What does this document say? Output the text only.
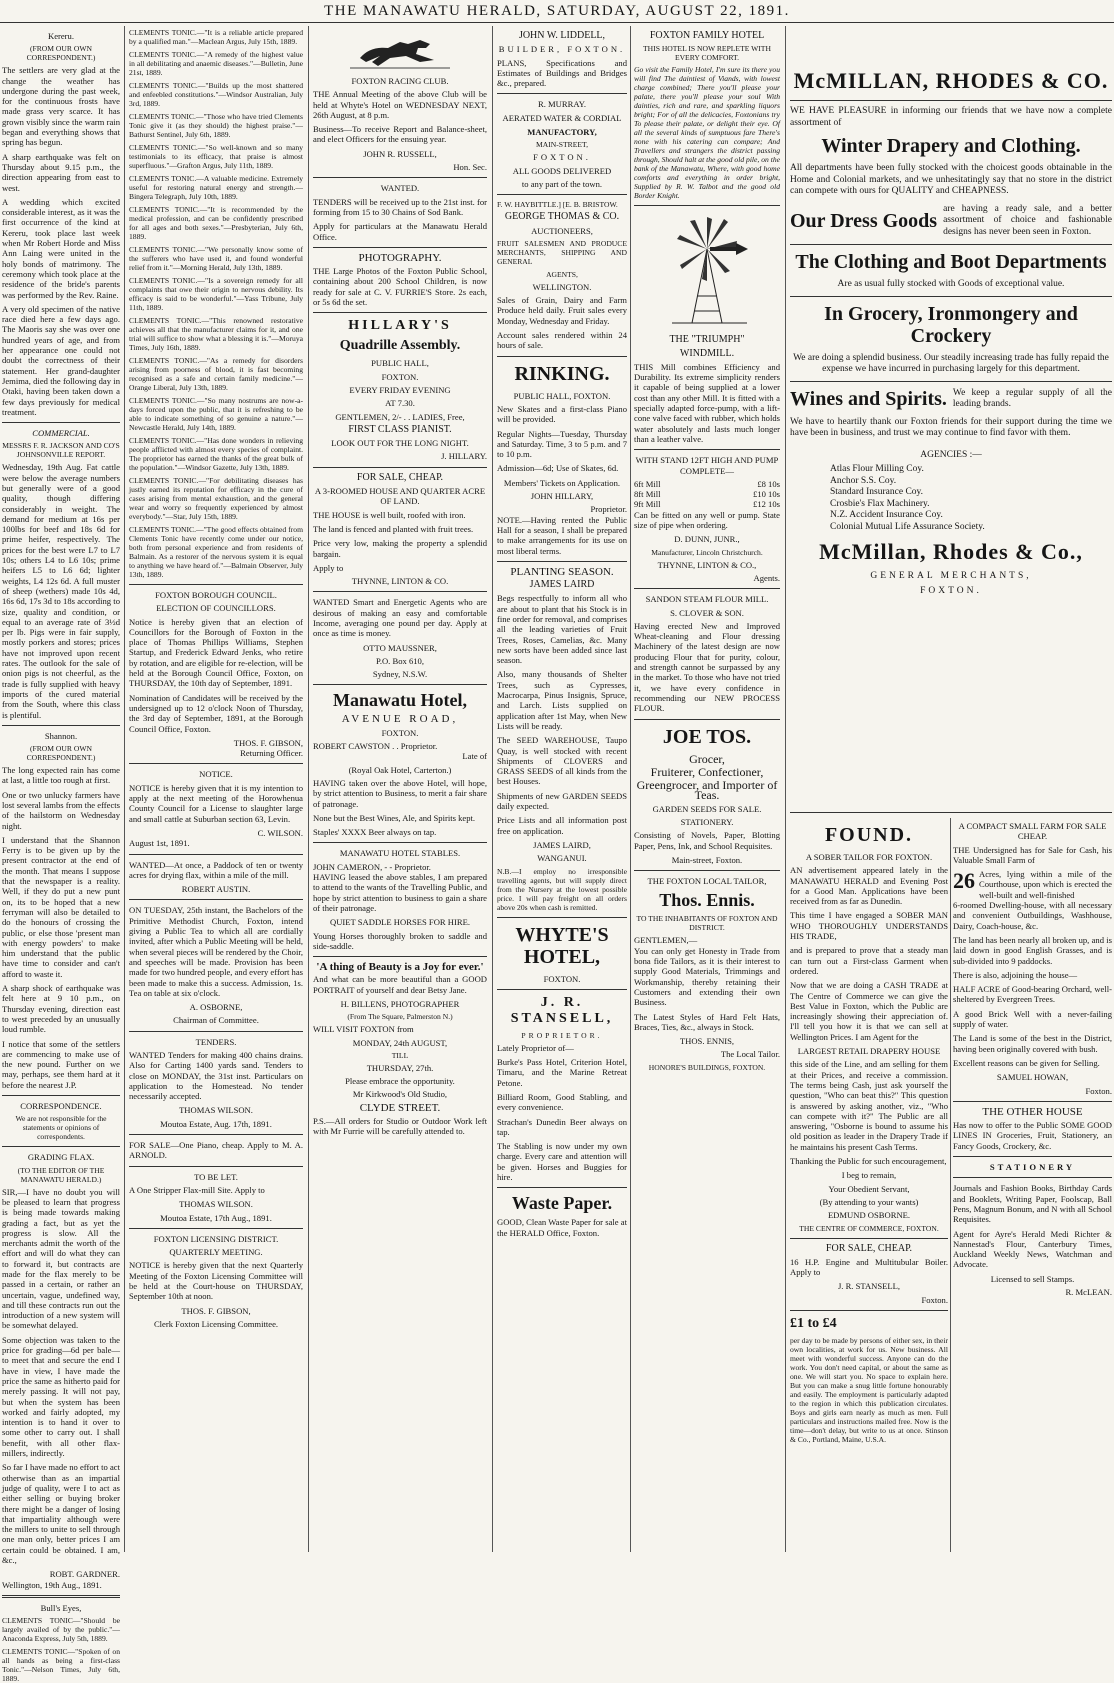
THE MANAWATU HERALD, SATURDAY, AUGUST 22, 1891.
Kereru.
(FROM OUR OWN CORRESPONDENT.)

The settlers are very glad at the change the weather has undergone during the past week, for the continuous frosts have made grass very scarce. It has grown visibly since the warm rain began and everything shows that spring has begun.

A sharp earthquake was felt on Thursday about 9.15 p.m., the direction appearing from east to west.

A wedding which excited considerable interest, as it was the first occurrence of the kind at Kereru, took place last week when Mr Robert Horde and Miss Ann Laing were united in the holy bonds of matrimony. The ceremony which took place at the residence of the bride's parents was performed by the Rev. Raine.

A very old specimen of the native race died here a few days ago. The Maoris say she was over one hundred years of age, and from her appearance one could not doubt the correctness of their statement. Her grand-daughter Jemima, died the following day in Otaki, having been taken down a few days previously for medical treatment.

COMMERCIAL.
MESSRS F. R. JACKSON AND CO'S JOHNSONVILLE REPORT.

Wednesday, 19th Aug. Fat cattle were below the average numbers but generally were of a good quality, though differing considerably in weight. The demand for medium at 16s per 100lbs for beef and 18s 6d for prime heifer, respectively. The prices for the best were L7 to L7 10s; others L4 to L6 10s; prime heifers L5 to L6 6d; lighter weights, L4 12s 6d. A full muster of sheep (wethers) made 10s 4d, 16s 6d, 17s 3d to 18s according to size, quality and condition, or equal to an average rate of 3½d per lb. Pigs were in fair supply, mostly porkers and stores; prices have not improved upon recent rates. The outlook for the sale of onion pigs is not cheerful, as the trade is fully supplied with heavy imports of the cured material from the South, where this class is plentiful.

Shannon.
(FROM OUR OWN CORRESPONDENT.)

The long expected rain has come at last, a little too rough at first.

One or two unlucky farmers have lost several lambs from the effects of the hailstorm on Wednesday night.

I understand that the Shannon Ferry is to be given up by the present contractor at the end of the month. That means I suppose that the newspaper is a reality. Well, if they do put a new punt on, its to be hoped that a new ferryman will also be detailed to do the honours of crossing the public, or else those 'present man with energy powders' to make him understand that the public have time to consider and can't afford to waste it.

A sharp shock of earthquake was felt here at 9 10 p.m., on Thursday evening, direction east to west preceded by an unusually loud rumble.

I notice that some of the settlers are commencing to make use of the new pound. Further on we may, perhaps, see them hard at it before the nearest J.P.

CORRESPONDENCE.
We are not responsible for the statements or opinions of correspondents.
GRADING FLAX.
(TO THE EDITOR OF THE MANAWATU HERALD.)

SIR,—I have no doubt you will be pleased to learn that progress is being made towards making grading a fact, but as yet the progress is slow. All the merchants admit the worth of the effort and will do what they can to forward it, but contracts are made for the flax merely to be passed in a certain, or rather an uncertain, vague, undefined way, and till these contracts run out the introduction of a new system will be somewhat delayed.

Some objection was taken to the price for grading—6d per bale—to meet that and secure the end I have in view, I have made the price the same as hitherto paid for merely passing. It will not pay, but when the system has been worked and fairly adopted, my intention is to hand it over to some other to carry out. I shall benefit, with all other flax-millers, indirectly.

So far I have made no effort to act otherwise than as an impartial judge of quality, were I to act as either selling or buying broker there might be a danger of losing that impartiality although were the millers to unite to sell through one man only, better prices I am certain could be obtained. I am, &c.,

ROBT. GARDNER.
Wellington, 19th Aug., 1891.
Bull's Eyes,

CLEMENTS TONIC—"Should be largely availed of by the public."—Anaconda Express, July 5th, 1889.

CLEMENTS TONIC—"Spoken of on all hands as being a first-class Tonic."—Nelson Times, July 6th, 1889.

CLEMENTS TONIC.—"It is a reliable article prepared by a qualified man."—Maclean Argus, July 15th, 1889.

CLEMENTS TONIC.—"A remedy of the highest value in all debilitating and anaemic diseases."—Bulletin, June 21st, 1889.

CLEMENTS TONIC.—"Builds up the most shattered and enfeebled constitutions."—Windsor Australian, July 3rd, 1889.

CLEMENTS TONIC.—"Those who have tried Clements Tonic give it (as they should) the highest praise."—Bathurst Sentinel, July 6th, 1889.

CLEMENTS TONIC.—"So well-known and so many testimonials to its efficacy, that praise is almost superfluous."—Grafton Argus, July 11th, 1889.

CLEMENTS TONIC.—A valuable medicine. Extremely useful for restoring natural energy and strength.—Bingera Telegraph, July 10th, 1889.

CLEMENTS TONIC.—"It is recommended by the medical profession, and can be confidently prescribed for all ages and both sexes."—Presbyterian, July 6th, 1889.

CLEMENTS TONIC.—"We personally know some of the sufferers who have used it, and found wonderful relief from it."—Morning Herald, July 13th, 1889.

CLEMENTS TONIC.—"Is a sovereign remedy for all complaints that owe their origin to nervous debility. Its efficacy is said to be wonderful."—Yass Tribune, July 11th, 1889.

CLEMENTS TONIC.—"This renowned restorative achieves all that the manufacturer claims for it, and one trial will suffice to show what a blessing it is."—Moruya Times, July 16th, 1889.

CLEMENTS TONIC.—"As a remedy for disorders arising from poorness of blood, it is fast becoming recognised as a safe and certain family medicine."—Orange Liberal, July 13th, 1889.

CLEMENTS TONIC.—"So many nostrums are now-a-days forced upon the public, that it is refreshing to be able to indicate something of so genuine a nature."—Newcastle Herald, July 14th, 1889.

CLEMENTS TONIC.—"Has done wonders in relieving people afflicted with almost every species of complaint. The proprietor has earned the thanks of the great bulk of the population."—Windsor Gazette, July 13th, 1889.

CLEMENTS TONIC.—"For debilitating diseases has justly earned its reputation for efficacy in the cure of cases arising from mental exhaustion, and the general wear and worry so frequently experienced by almost everybody."—Star, July 15th, 1889.

CLEMENTS TONIC.—"The good effects obtained from Clements Tonic have recently come under our notice, both from personal experience and from residents of Balmain. As a restorer of the nervous system it is equal to anything we have heard of."—Balmain Observer, July 13th, 1889.

FOXTON BOROUGH COUNCIL.
ELECTION OF COUNCILLORS.

Notice is hereby given that an election of Councillors for the Borough of Foxton in the place of Thomas Phillips Williams, Stephen Startup, and Frederick Edward Jenks, who retire by rotation, and are eligible for re-election, will be held at the Borough Council Office, Foxton, on THURSDAY, the 10th day of September, 1891.

Nomination of Candidates will be received by the undersigned up to 12 o'clock Noon of Thursday, the 3rd day of September, 1891, at the Borough Council Office, Foxton.

THOS. F. GIBSON,
Returning Officer.
NOTICE.

NOTICE is hereby given that it is my intention to apply at the next meeting of the Horowhenua County Council for a License to slaughter large and small cattle at Suburban section 63, Levin.

C. WILSON.
August 1st, 1891.

WANTED—At once, a Paddock of ten or twenty acres for drying flax, within a mile of the mill.

ROBERT AUSTIN.

ON TUESDAY, 25th instant, the Bachelors of the Primitive Methodist Church, Foxton, intend giving a Public Tea to which all are cordially invited, after which a Public Meeting will be held, when several pieces will be rendered by the Choir, and speeches will be made. Provision has been made for two hundred people, and every effort has been made to make this a success. Admission, 1s. Tea on table at six o'clock.

A. OSBORNE,
Chairman of Committee.
TENDERS.

WANTED Tenders for making 400 chains drains. Also for Carting 1400 yards sand. Tenders to close on MONDAY, the 31st inst. Particulars on application to the Homestead. No tender necessarily accepted.

THOMAS WILSON.
Moutoa Estate, Aug. 17th, 1891.

FOR SALE—One Piano, cheap. Apply to M. A. ARNOLD.

TO BE LET.

A One Stripper Flax-mill Site. Apply to

THOMAS WILSON.
Moutoa Estate, 17th Aug., 1891.
FOXTON LICENSING DISTRICT.
QUARTERLY MEETING.

NOTICE is hereby given that the next Quarterly Meeting of the Foxton Licensing Committee will be held at the Court-house on THURSDAY, September 10th at noon.

THOS. F. GIBSON,
Clerk Foxton Licensing Committee.
FOXTON RACING CLUB.

THE Annual Meeting of the above Club will be held at Whyte's Hotel on WEDNESDAY NEXT, 26th August, at 8 p.m.

Business—To receive Report and Balance-sheet, and elect Officers for the ensuing year.

JOHN R. RUSSELL,
Hon. Sec.
WANTED.

TENDERS will be received up to the 21st inst. for forming from 15 to 30 Chains of Sod Bank.

Apply for particulars at the Manawatu Herald Office.

PHOTOGRAPHY.

THE Large Photos of the Foxton Public School, containing about 200 School Children, is now ready for sale at C. V. FURRIE'S Store. 2s each, or 5s 6d the set.

HILLARY'S
Quadrille Assembly.
PUBLIC HALL,
FOXTON.
EVERY FRIDAY EVENING
AT 7.30.
GENTLEMEN, 2/- . . LADIES, Free,
FIRST CLASS PIANIST.
LOOK OUT FOR THE LONG NIGHT.
J. HILLARY.
FOR SALE, CHEAP.
A 3-ROOMED HOUSE AND QUARTER ACRE OF LAND.

THE HOUSE is well built, roofed with iron.

The land is fenced and planted with fruit trees.

Price very low, making the property a splendid bargain.

Apply to
THYNNE, LINTON & CO.

WANTED Smart and Energetic Agents who are desirous of making an easy and comfortable Income, averaging one pound per day. Apply at once as time is money.

OTTO MAUSSNER,
P.O. Box 610,
Sydney, N.S.W.
Manawatu Hotel,
AVENUE ROAD,
FOXTON.
ROBERT CAWSTON . . Proprietor.
Late of
(Royal Oak Hotel, Carterton.)

HAVING taken over the above Hotel, will hope, by strict attention to Business, to merit a fair share of patronage.

None but the Best Wines, Ale, and Spirits kept.

Staples' XXXX Beer always on tap.

MANAWATU HOTEL STABLES.
JOHN CAMERON, - - Proprietor.

HAVING leased the above stables, I am prepared to attend to the wants of the Travelling Public, and hope by strict attention to business to gain a share of their patronage.

QUIET SADDLE HORSES FOR HIRE.

Young Horses thoroughly broken to saddle and side-saddle.

'A thing of Beauty is a Joy for ever.'

And what can be more beautiful than a GOOD PORTRAIT of yourself and dear Betsy Jane.

H. BILLENS, PHOTOGRAPHER
(From The Square, Palmerston N.)
WILL VISIT FOXTON from
MONDAY, 24th AUGUST,
TILL
THURSDAY, 27th.
Please embrace the opportunity.
Mr Kirkwood's Old Studio,
CLYDE STREET.

P.S.—All orders for Studio or Outdoor Work left with Mr Furrie will be carefully attended to.

JOHN W. LIDDELL,
BUILDER, FOXTON.

PLANS, Specifications and Estimates of Buildings and Bridges &c., prepared.

R. MURRAY.
AERATED WATER & CORDIAL
MANUFACTORY,
MAIN-STREET,
FOXTON.
ALL GOODS DELIVERED
to any part of the town.
F. W. HAYBITTLE.] [E. B. BRISTOW.
GEORGE THOMAS & CO.
AUCTIONEERS,

FRUIT SALESMEN AND PRODUCE MERCHANTS, SHIPPING AND GENERAL

AGENTS,
WELLINGTON.

Sales of Grain, Dairy and Farm Produce held daily. Fruit sales every Monday, Wednesday and Friday.

Account sales rendered within 24 hours of sale.

RINKING.
PUBLIC HALL, FOXTON.

New Skates and a first-class Piano will be provided.

Regular Nights—Tuesday, Thursday and Saturday. Time, 3 to 5 p.m. and 7 to 10 p.m.

Admission—6d; Use of Skates, 6d.

Members' Tickets on Application.
JOHN HILLARY,
Proprietor.

NOTE.—Having rented the Public Hall for a season, I shall be prepared to make arrangements for its use on most liberal terms.

PLANTING SEASON.
JAMES LAIRD

Begs respectfully to inform all who are about to plant that his Stock is in fine order for removal, and comprises all the leading varieties of Fruit Trees, Roses, Camelias, &c. Many new sorts have been added since last season.

Also, many thousands of Shelter Trees, such as Cypresses, Macrocarpa, Pinus Insignis, Spruce, and Larch. Lists supplied on application after 1st May, when New Lists will be ready.

The SEED WAREHOUSE, Taupo Quay, is well stocked with recent Shipments of CLOVERS and GRASS SEEDS of all kinds from the best Houses.

Shipments of new GARDEN SEEDS daily expected.

Price Lists and all information post free on application.

JAMES LAIRD,
WANGANUI.

N.B.—I employ no irresponsible travelling agents, but will supply direct from the Nursery at the lowest possible price. I will pay freight on all orders above 20s when cash is remitted.

WHYTE'S HOTEL,
FOXTON.
J. R. STANSELL,
PROPRIETOR.

Lately Proprietor of—

Burke's Pass Hotel, Criterion Hotel, Timaru, and the Marine Retreat Petone.

Billiard Room, Good Stabling, and every convenience.

Strachan's Dunedin Beer always on tap.

The Stabling is now under my own charge. Every care and attention will be given. Horses and Buggies for hire.

Waste Paper.

GOOD, Clean Waste Paper for sale at the HERALD Office, Foxton.

FOXTON FAMILY HOTEL
THIS HOTEL IS NOW REPLETE WITH EVERY COMFORT.

Go visit the Family Hotel, I'm sure its there you will find The daintiest of Viands, with lowest charge combined; There you'll please your palate, there you'll please your soul With dainties, rich and rare, and sparkling liquors bright; For of all the delicacies, Foxtonians try To please their palate, or delight their eye. Of all the several kinds of sumptuous fare There's none with his catering can compare; And Travellers and strangers the district passing through, Should halt at the good old pile, on the bank of the Manawatu, Where, with good home comforts and everything in order bright, Supplied by R. W. Talbot and the good old Border Knight.

THE "TRIUMPH"
WINDMILL.

THIS Mill combines Efficiency and Durability. Its extreme simplicity renders it capable of being supplied at a lower cost than any other Mill. It is fitted with a specially adapted force-pump, with a lift-cone valve faced with rubber, which holds water absolutely and lasts much longer than a leather valve.

WITH STAND 12FT HIGH AND PUMP COMPLETE—
6ft Mill	£8 10s
8ft Mill	£10 10s
9ft Mill	£12 10s

Can be fitted on any well or pump. State size of pipe when ordering.

D. DUNN, JUNR.,
Manufacturer, Lincoln Christchurch.
THYNNE, LINTON & CO.,
Agents.
SANDON STEAM FLOUR MILL.
S. CLOVER & SON.

Having erected New and Improved Wheat-cleaning and Flour dressing Machinery of the latest design are now producing Flour that for purity, colour, and strength cannot be surpassed by any in the market. To those who have not tried it, we have every confidence in recommending our NEW PROCESS FLOUR.

JOE TOS.
Grocer,
Fruiterer, Confectioner,
Greengrocer, and Importer of Teas.
GARDEN SEEDS FOR SALE.
STATIONERY.

Consisting of Novels, Paper, Blotting Paper, Pens, Ink, and School Requisites.

Main-street, Foxton.
THE FOXTON LOCAL TAILOR,
Thos. Ennis.
TO THE INHABITANTS OF FOXTON AND DISTRICT.
GENTLEMEN,—

You can only get Honesty in Trade from bona fide Tailors, as it is their interest to supply Good Materials, Trimmings and Workmanship, thereby retaining their Customers and extending their own Business.

The Latest Styles of Hard Felt Hats, Braces, Ties, &c., always in Stock.

THOS. ENNIS,
The Local Tailor.
HONORE'S BUILDINGS, FOXTON.
McMILLAN, RHODES & CO.

WE HAVE PLEASURE in informing our friends that we have now a complete assortment of

Winter Drapery and Clothing.

All departments have been fully stocked with the choicest goods obtainable in the Home and Colonial markets, and we unhesitatingly say that no store in the district can compete with ours for QUALITY and CHEAPNESS.

Our Dress Goods
are having a ready sale, and a better assortment of choice and fashionable designs has never been seen in Foxton.
The Clothing and Boot Departments
Are as usual fully stocked with Goods of exceptional value.
In Grocery, Ironmongery and Crockery
We are doing a splendid business. Our steadily increasing trade has fully repaid the expense we have incurred in purchasing largely for this department.
Wines and Spirits. We keep a regular supply of all the leading brands.

We have to heartily thank our Foxton friends for their support during the time we have been in business, and trust we may continue to find favor with them.

AGENCIES :—
Atlas Flour Milling Coy.
Anchor S.S. Coy.
Standard Insurance Coy.
Crosbie's Flax Machinery.
N.Z. Accident Insurance Coy.
Colonial Mutual Life Assurance Society.
McMillan, Rhodes & Co.,
GENERAL MERCHANTS,
FOXTON.
FOUND.
A SOBER TAILOR FOR FOXTON.

AN advertisement appeared lately in the MANAWATU HERALD and Evening Post for a Good Man. Applications have been received from as far as Dunedin.

This time I have engaged a SOBER MAN WHO THOROUGHLY UNDERSTANDS HIS TRADE,

and is prepared to prove that a steady man can turn out a First-class Garment when ordered.

Now that we are doing a CASH TRADE at The Centre of Commerce we can give the Best Value in Foxton, which the Public are increasingly showing their appreciation of. I'll tell you how it is that we can sell at Wellington Prices. I am Agent for the

LARGEST RETAIL DRAPERY HOUSE

this side of the Line, and am selling for them at their Prices, and receive a commission. The terms being Cash, just ask yourself the question, "Who can beat this?" This question is answered by asking another, viz., "Who can compete with it?" The Public are all answering, "Osborne is bound to assume his old position as leader in the Drapery Trade if he maintains his present Cash Terms.

Thanking the Public for such encouragement,

I beg to remain,
Your Obedient Servant,
(By attending to your wants)
EDMUND OSBORNE.
THE CENTRE OF COMMERCE, FOXTON.
FOR SALE, CHEAP.

16 H.P. Engine and Multitubular Boiler. Apply to

J. R. STANSELL,
Foxton.
£1 to £4

per day to be made by persons of either sex, in their own localities, at work for us. New business. All meet with wonderful success. Anyone can do the work. You don't need capital, or about the same as one. We will start you. No space to explain here. But you can make a snug little fortune honourably and easily. The employment is particularly adapted to the region in which this publication circulates. Boys and girls earn nearly as much as men. Full particulars and instructions mailed free. Now is the time—don't delay, but write to us at once. Stinson & Co., Portland, Maine, U.S.A.

A COMPACT SMALL FARM FOR SALE CHEAP.

THE Undersigned has for Sale for Cash, his Valuable Small Farm of

26 Acres, lying within a mile of the Courthouse, upon which is erected the well-built and well-finished

6-roomed Dwelling-house, with all necessary and convenient Outbuildings, Washhouse, Dairy, Coach-house, &c.

The land has been nearly all broken up, and is laid down in good English Grasses, and is sub-divided into 9 paddocks.

There is also, adjoining the house—

HALF ACRE of Good-bearing Orchard, well-sheltered by Evergreen Trees.

A good Brick Well with a never-failing supply of water.

The Land is some of the best in the District, having been originally covered with bush.

Excellent reasons can be given for Selling.

SAMUEL HOWAN,
Foxton.
THE OTHER HOUSE

Has now to offer to the Public SOME GOOD LINES IN Groceries, Fruit, Stationery, an Fancy Goods, Crockery, &c.

STATIONERY

Journals and Fashion Books, Birthday Cards and Booklets, Writing Paper, Foolscap, Ball Pens, Magnum Bonum, and N with all School Requisites.

Agent for Ayre's Herald Medi Richter & Nannestad's Flour, Canterbury Times, Auckland Weekly News, Watchman and Advocate.

Licensed to sell Stamps.
R. McLEAN.
